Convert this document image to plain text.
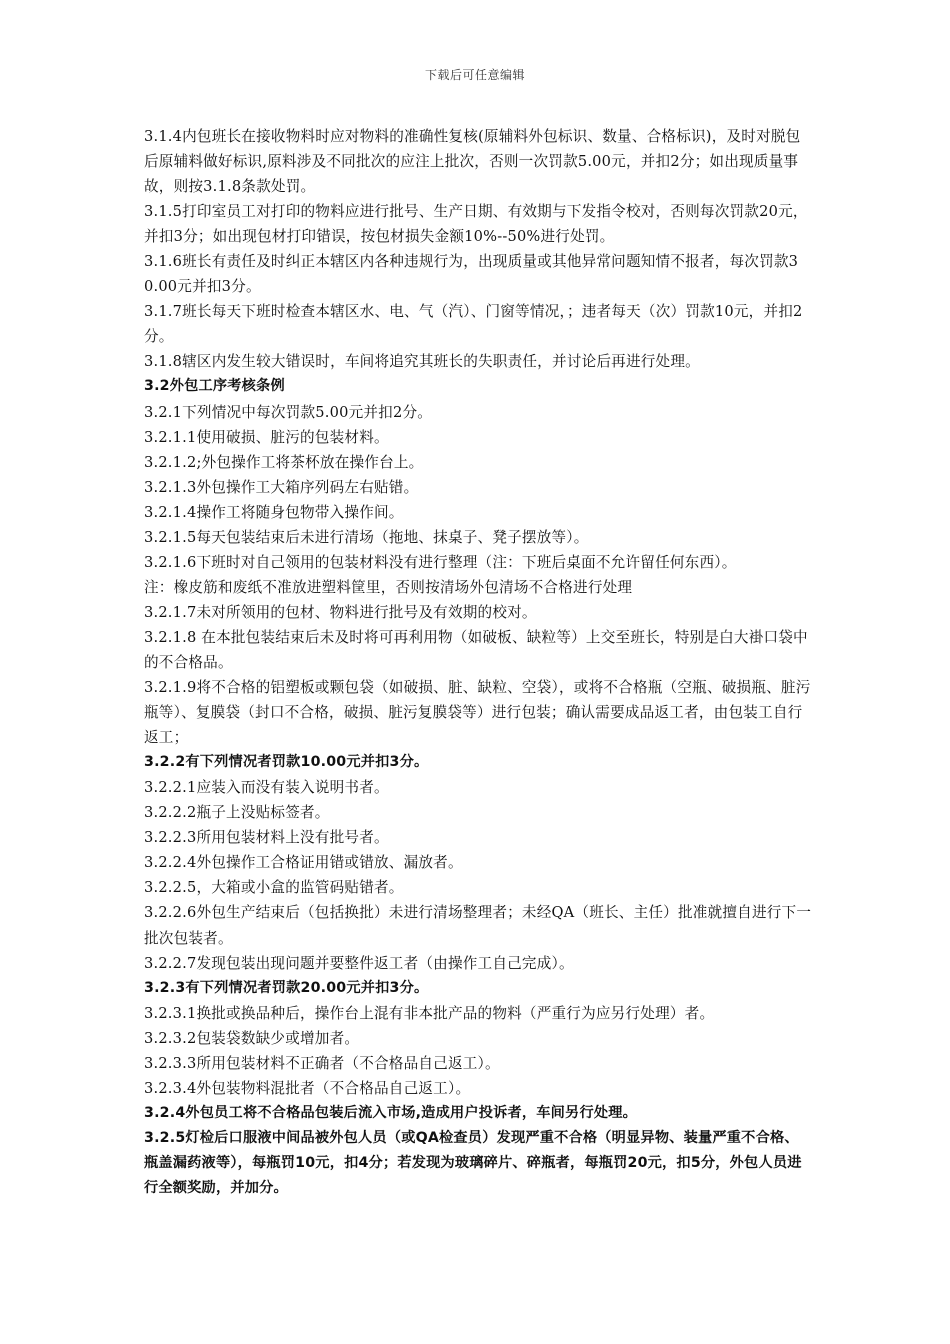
下载后可任意编辑

3.1.4内包班长在接收物料时应对物料的准确性复核(原辅料外包标识、数量、合格标识)，及时对脱包后原辅料做好标识,原料涉及不同批次的应注上批次，否则一次罚款5.00元，并扣2分；如出现质量事故，则按3.1.8条款处罚。

3.1.5打印室员工对打印的物料应进行批号、生产日期、有效期与下发指令校对，否则每次罚款20元，并扣3分；如出现包材打印错误，按包材损失金额10%--50%进行处罚。

3.1.6班长有责任及时纠正本辖区内各种违规行为，出现质量或其他异常问题知情不报者，每次罚款30.00元并扣3分。

3.1.7班长每天下班时检查本辖区水、电、气（汽）、门窗等情况，；违者每天（次）罚款10元，并扣2分。

3.1.8辖区内发生较大错误时，车间将追究其班长的失职责任，并讨论后再进行处理。

3.2外包工序考核条例

3.2.1下列情况中每次罚款5.00元并扣2分。

3.2.1.1使用破损、脏污的包装材料。

3.2.1.2;外包操作工将茶杯放在操作台上。

3.2.1.3外包操作工大箱序列码左右贴错。

3.2.1.4操作工将随身包物带入操作间。

3.2.1.5每天包装结束后未进行清场（拖地、抹桌子、凳子摆放等）。

3.2.1.6下班时对自己领用的包装材料没有进行整理（注：下班后桌面不允许留任何东西）。

注：橡皮筋和废纸不准放进塑料筐里，否则按清场外包清场不合格进行处理

3.2.1.7未对所领用的包材、物料进行批号及有效期的校对。

3.2.1.8 在本批包装结束后未及时将可再利用物（如破板、缺粒等）上交至班长，特别是白大褂口袋中的不合格品。

3.2.1.9将不合格的铝塑板或颗包袋（如破损、脏、缺粒、空袋），或将不合格瓶（空瓶、破损瓶、脏污瓶等）、复膜袋（封口不合格，破损、脏污复膜袋等）进行包装；确认需要成品返工者，由包装工自行返工；

3.2.2有下列情况者罚款10.00元并扣3分。

3.2.2.1应装入而没有装入说明书者。

3.2.2.2瓶子上没贴标签者。

3.2.2.3所用包装材料上没有批号者。

3.2.2.4外包操作工合格证用错或错放、漏放者。

3.2.2.5，大箱或小盒的监管码贴错者。

3.2.2.6外包生产结束后（包括换批）未进行清场整理者；未经QA（班长、主任）批准就擅自进行下一批次包装者。

3.2.2.7发现包装出现问题并要整件返工者（由操作工自己完成）。

3.2.3有下列情况者罚款20.00元并扣3分。

3.2.3.1换批或换品种后，操作台上混有非本批产品的物料（严重行为应另行处理）者。

3.2.3.2包装袋数缺少或增加者。

3.2.3.3所用包装材料不正确者（不合格品自己返工）。

3.2.3.4外包装物料混批者（不合格品自己返工）。

3.2.4外包员工将不合格品包装后流入市场,造成用户投诉者，车间另行处理。

3.2.5灯检后口服液中间品被外包人员（或QA检查员）发现严重不合格（明显异物、装量严重不合格、瓶盖漏药液等），每瓶罚10元，扣4分；若发现为玻璃碎片、碎瓶者，每瓶罚20元，扣5分，外包人员进行全额奖励，并加分。
